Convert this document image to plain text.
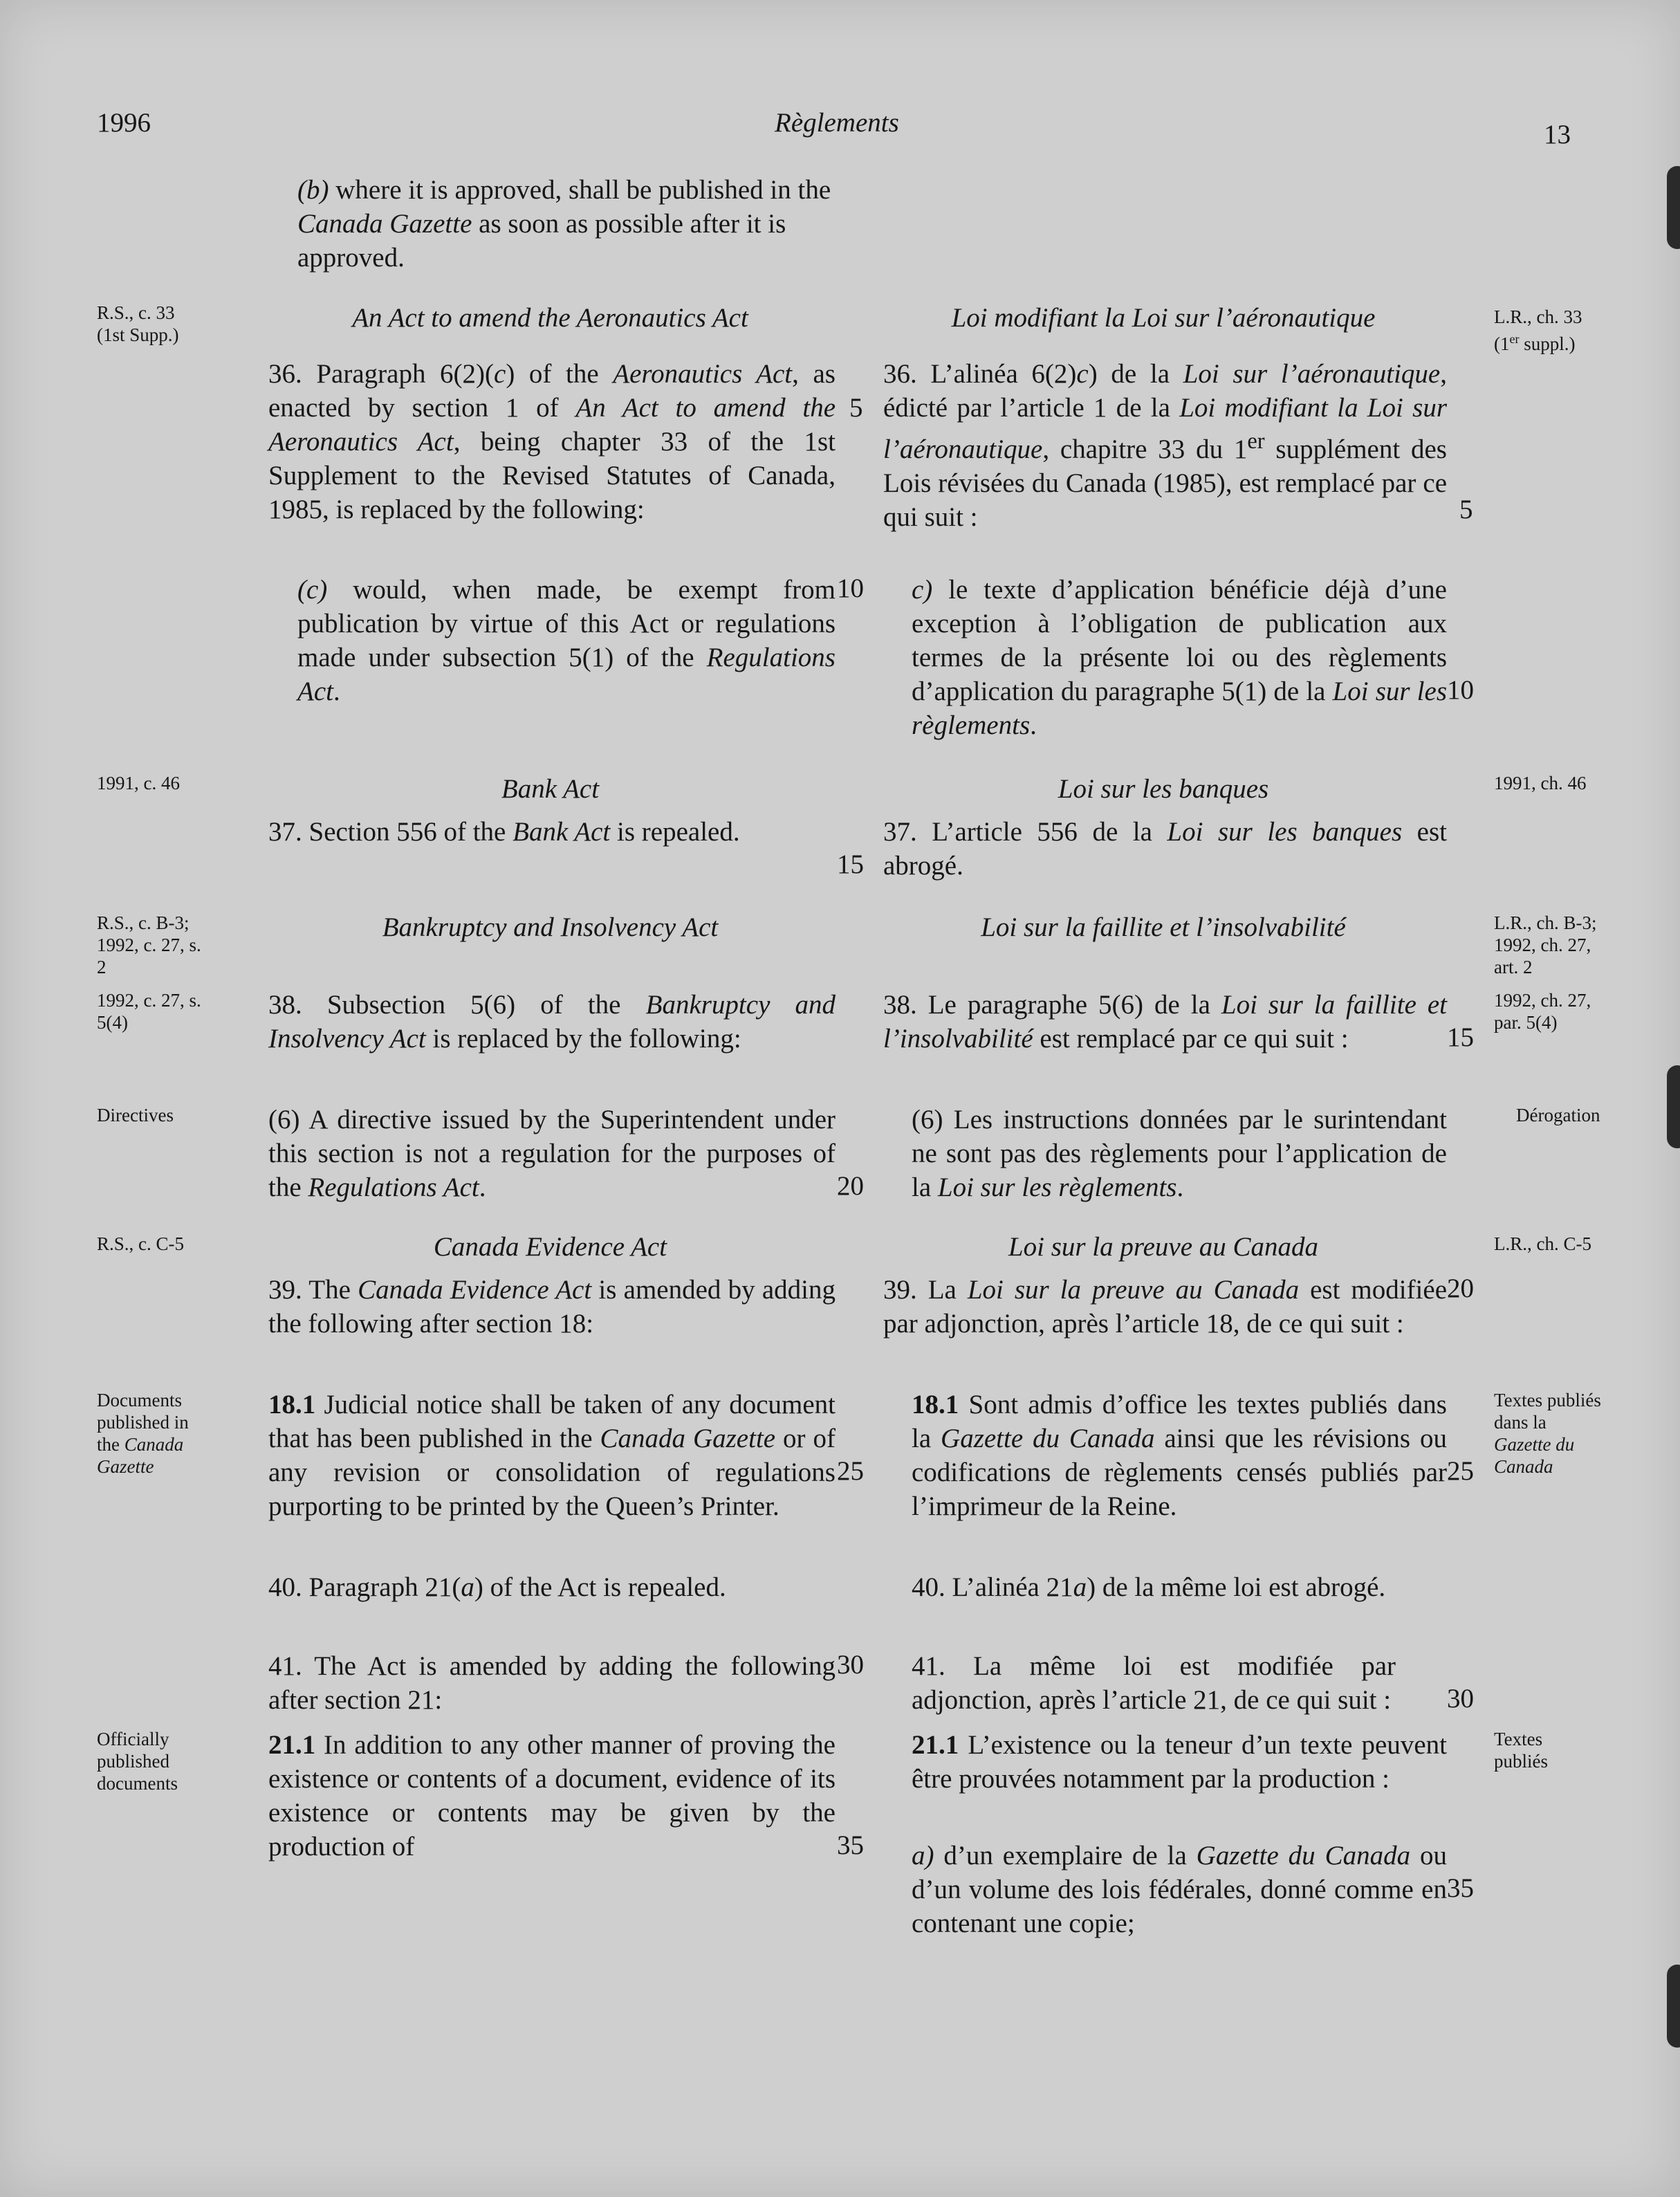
1996	Règlements	13
(b) where it is approved, shall be published in the Canada Gazette as soon as possible after it is approved.
An Act to amend the Aeronautics Act	Loi modifiant la Loi sur l’aéronautique
Bank Act	Loi sur les banques
Bankruptcy and Insolvency Act	Loi sur la faillite et l’insolvabilité
Canada Evidence Act	Loi sur la preuve au Canada
36. Paragraph 6(2)(c) of the Aeronautics Act, as enacted by section 1 of An Act to amend the Aeronautics Act, being chapter 33 of the 1st Supplement to the Revised Statutes of Canada, 1985, is replaced by the following:
(c) would, when made, be exempt from publication by virtue of this Act or regulations made under subsection 5(1) of the Regulations Act.
37. Section 556 of the Bank Act is repealed.
38. Subsection 5(6) of the Bankruptcy and Insolvency Act is replaced by the following:
(6) A directive issued by the Superintendent under this section is not a regulation for the purposes of the Regulations Act.
39. The Canada Evidence Act is amended by adding the following after section 18:
18.1 Judicial notice shall be taken of any document that has been published in the Canada Gazette or of any revision or consolidation of regulations purporting to be printed by the Queen’s Printer.
40. Paragraph 21(a) of the Act is repealed.
41. The Act is amended by adding the following after section 21:
21.1 In addition to any other manner of proving the existence or contents of a document, evidence of its existence or contents may be given by the production of
36. L’alinéa 6(2)c) de la Loi sur l’aéronautique, édicté par l’article 1 de la Loi modifiant la Loi sur l’aéronautique, chapitre 33 du 1er supplément des Lois révisées du Canada (1985), est remplacé par ce qui suit :
c) le texte d’application bénéficie déjà d’une exception à l’obligation de publication aux termes de la présente loi ou des règlements d’application du paragraphe 5(1) de la Loi sur les règlements.
37. L’article 556 de la Loi sur les banques est abrogé.
38. Le paragraphe 5(6) de la Loi sur la faillite et l’insolvabilité est remplacé par ce qui suit :
(6) Les instructions données par le surintendant ne sont pas des règlements pour l’application de la Loi sur les règlements.
39. La Loi sur la preuve au Canada est modifiée par adjonction, après l’article 18, de ce qui suit :
18.1 Sont admis d’office les textes publiés dans la Gazette du Canada ainsi que les révisions ou codifications de règlements censés publiés par l’imprimeur de la Reine.
40. L’alinéa 21a) de la même loi est abrogé.
41. La même loi est modifiée par adjonction, après l’article 21, de ce qui suit :
21.1 L’existence ou la teneur d’un texte peuvent être prouvées notamment par la production :
a) d’un exemplaire de la Gazette du Canada ou d’un volume des lois fédérales, donné comme en contenant une copie;
5
10
15
20
25
30
35
5
10
15
20
25
30
35
R.S., c. 33 (1st Supp.)
1991, c. 46
R.S., c. B-3; 1992, c. 27, s. 2
1992, c. 27, s. 5(4)
Directives
R.S., c. C-5
Documents published in the Canada Gazette
Officially published documents
L.R., ch. 33
(1er suppl.)
1991, ch. 46
L.R., ch. B-3; 1992, ch. 27, art. 2
1992, ch. 27, par. 5(4)
Dérogation
L.R., ch. C-5
Textes publiés dans la Gazette du Canada
Textes publiés
